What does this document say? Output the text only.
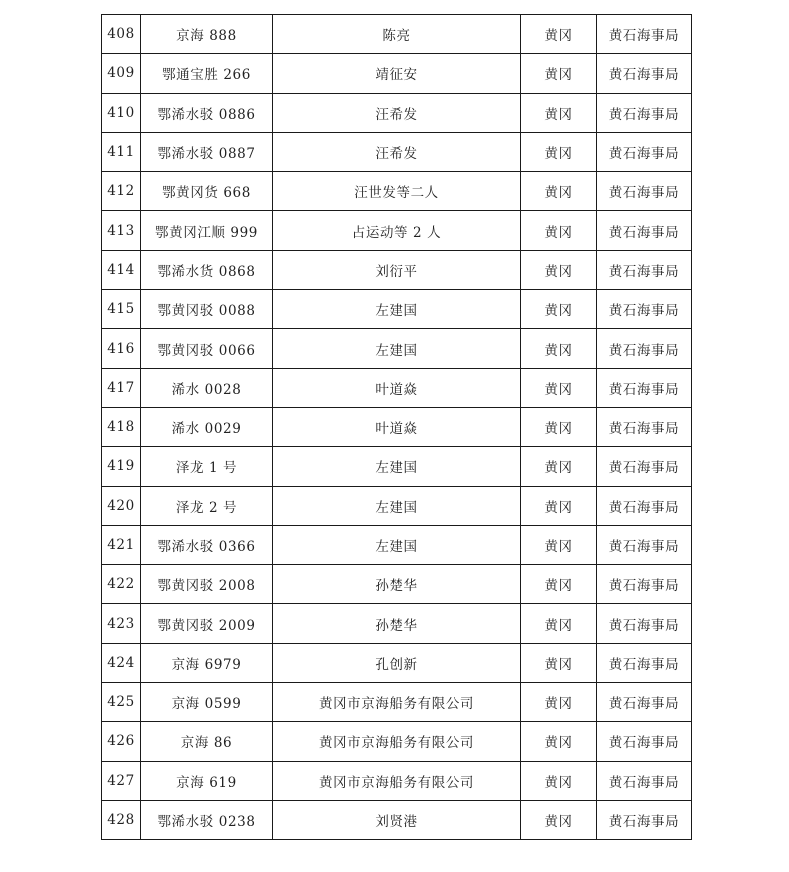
408	京海 888	陈亮	黄冈	黄石海事局
409	鄂通宝胜 266	靖征安	黄冈	黄石海事局
410	鄂浠水驳 0886	汪希发	黄冈	黄石海事局
411	鄂浠水驳 0887	汪希发	黄冈	黄石海事局
412	鄂黄冈货 668	汪世发等二人	黄冈	黄石海事局
413	鄂黄冈江顺 999	占运动等 2 人	黄冈	黄石海事局
414	鄂浠水货 0868	刘衍平	黄冈	黄石海事局
415	鄂黄冈驳 0088	左建国	黄冈	黄石海事局
416	鄂黄冈驳 0066	左建国	黄冈	黄石海事局
417	浠水 0028	叶道焱	黄冈	黄石海事局
418	浠水 0029	叶道焱	黄冈	黄石海事局
419	泽龙 1 号	左建国	黄冈	黄石海事局
420	泽龙 2 号	左建国	黄冈	黄石海事局
421	鄂浠水驳 0366	左建国	黄冈	黄石海事局
422	鄂黄冈驳 2008	孙楚华	黄冈	黄石海事局
423	鄂黄冈驳 2009	孙楚华	黄冈	黄石海事局
424	京海 6979	孔创新	黄冈	黄石海事局
425	京海 0599	黄冈市京海船务有限公司	黄冈	黄石海事局
426	京海 86	黄冈市京海船务有限公司	黄冈	黄石海事局
427	京海 619	黄冈市京海船务有限公司	黄冈	黄石海事局
428	鄂浠水驳 0238	刘贤港	黄冈	黄石海事局
